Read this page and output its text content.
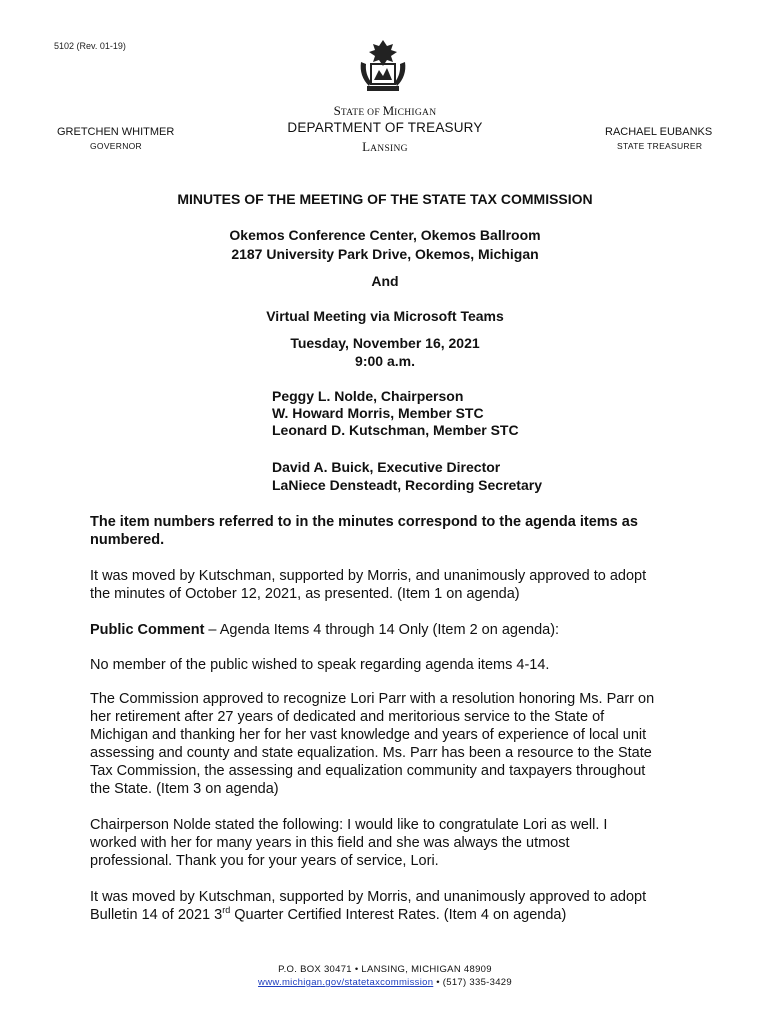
5102 (Rev. 01-19)
STATE OF MICHIGAN
DEPARTMENT OF TREASURY
LANSING
GRETCHEN WHITMER
GOVERNOR
RACHAEL EUBANKS
STATE TREASURER
MINUTES OF THE MEETING OF THE STATE TAX COMMISSION
Okemos Conference Center, Okemos Ballroom
2187 University Park Drive, Okemos, Michigan
And
Virtual Meeting via Microsoft Teams
Tuesday, November 16, 2021
9:00 a.m.
Peggy L. Nolde, Chairperson
W. Howard Morris, Member STC
Leonard D. Kutschman, Member STC
David A. Buick, Executive Director
LaNiece Densteadt, Recording Secretary
The item numbers referred to in the minutes correspond to the agenda items as
numbered.
It was moved by Kutschman, supported by Morris, and unanimously approved to adopt
the minutes of October 12, 2021, as presented. (Item 1 on agenda)
Public Comment – Agenda Items 4 through 14 Only (Item 2 on agenda):
No member of the public wished to speak regarding agenda items 4-14.
The Commission approved to recognize Lori Parr with a resolution honoring Ms. Parr on
her retirement after 27 years of dedicated and meritorious service to the State of
Michigan and thanking her for her vast knowledge and years of experience of local unit
assessing and county and state equalization. Ms. Parr has been a resource to the State
Tax Commission, the assessing and equalization community and taxpayers throughout
the State. (Item 3 on agenda)
Chairperson Nolde stated the following: I would like to congratulate Lori as well. I
worked with her for many years in this field and she was always the utmost
professional. Thank you for your years of service, Lori.
It was moved by Kutschman, supported by Morris, and unanimously approved to adopt
Bulletin 14 of 2021 3rd Quarter Certified Interest Rates. (Item 4 on agenda)
P.O. BOX 30471 • LANSING, MICHIGAN 48909
www.michigan.gov/statetaxcommission • (517) 335-3429
